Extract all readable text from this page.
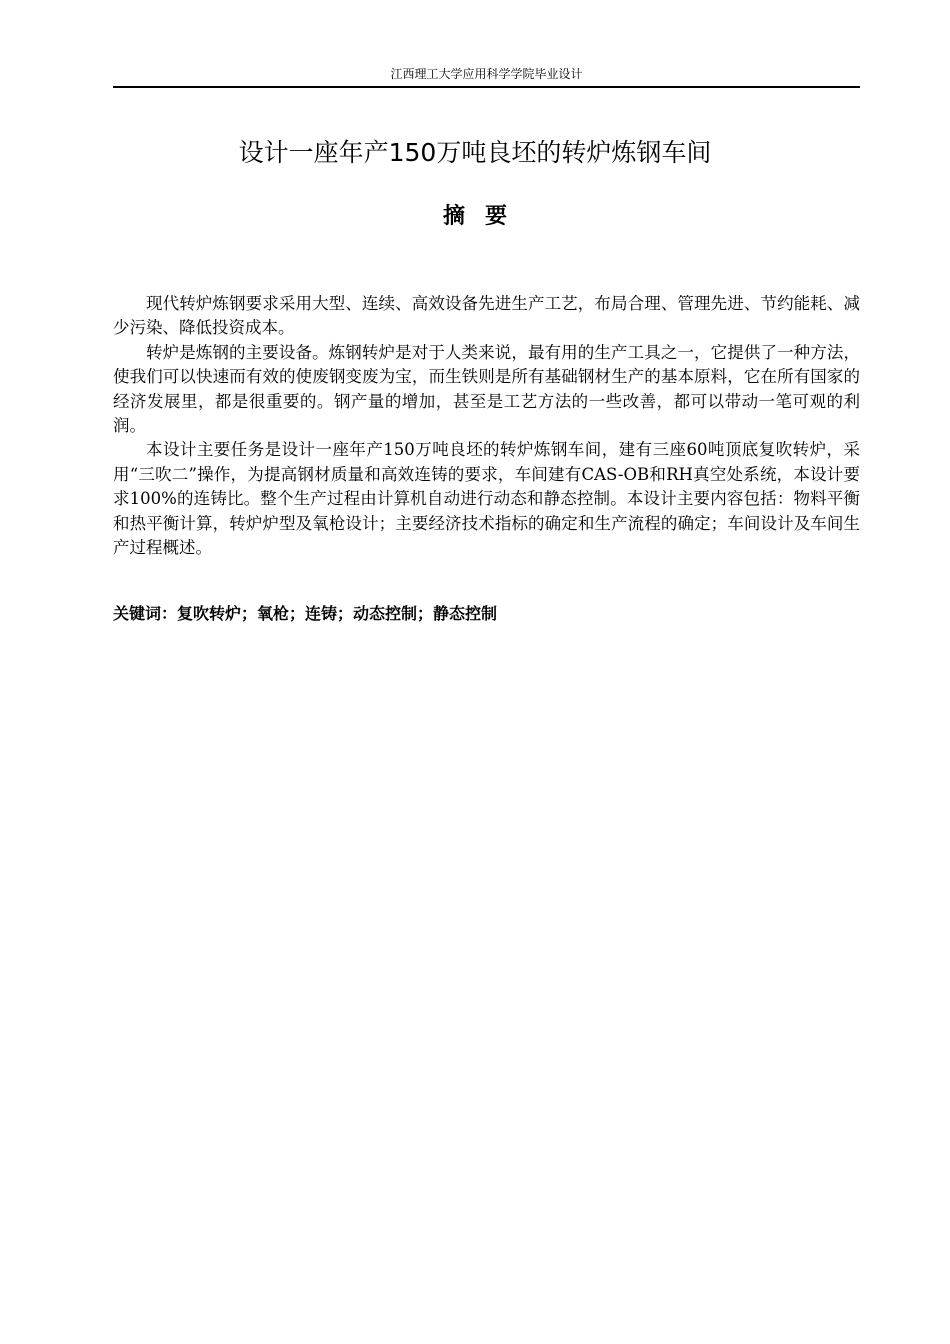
江西理工大学应用科学学院毕业设计
设计一座年产150万吨良坯的转炉炼钢车间
摘要

现代转炉炼钢要求采用大型、连续、高效设备先进生产工艺，布局合理、管理先进、节约能耗、减少污染、降低投资成本。

转炉是炼钢的主要设备。炼钢转炉是对于人类来说，最有用的生产工具之一，它提供了一种方法，使我们可以快速而有效的使废钢变废为宝，而生铁则是所有基础钢材生产的基本原料，它在所有国家的经济发展里，都是很重要的。钢产量的增加，甚至是工艺方法的一些改善，都可以带动一笔可观的利润。

本设计主要任务是设计一座年产150万吨良坯的转炉炼钢车间，建有三座60吨顶底复吹转炉，采用“三吹二”操作，为提高钢材质量和高效连铸的要求，车间建有CAS-OB和RH真空处系统，本设计要求100%的连铸比。整个生产过程由计算机自动进行动态和静态控制。本设计主要内容包括：物料平衡和热平衡计算，转炉炉型及氧枪设计；主要经济技术指标的确定和生产流程的确定；车间设计及车间生产过程概述。

关键词：复吹转炉；氧枪；连铸；动态控制；静态控制
